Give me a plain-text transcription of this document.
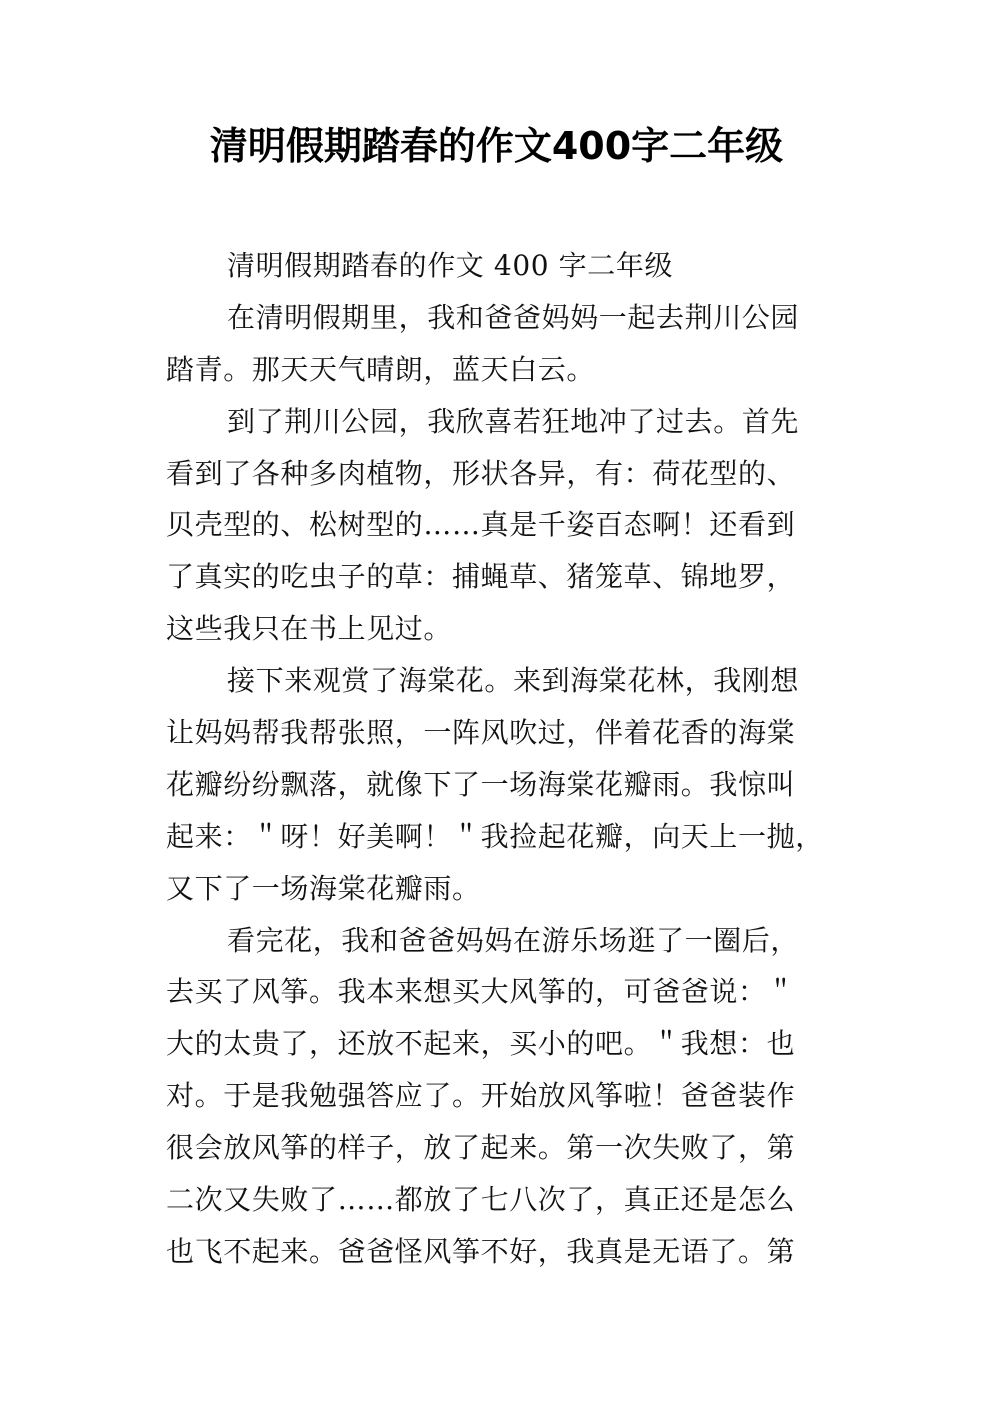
清明假期踏春的作文400字二年级
清明假期踏春的作文 400 字二年级
在清明假期里，我和爸爸妈妈一起去荆川公园
踏青。那天天气晴朗，蓝天白云。
到了荆川公园，我欣喜若狂地冲了过去。首先
看到了各种多肉植物，形状各异，有：荷花型的、
贝壳型的、松树型的……真是千姿百态啊！还看到
了真实的吃虫子的草：捕蝇草、猪笼草、锦地罗，
这些我只在书上见过。
接下来观赏了海棠花。来到海棠花林，我刚想
让妈妈帮我帮张照，一阵风吹过，伴着花香的海棠
花瓣纷纷飘落，就像下了一场海棠花瓣雨。我惊叫
起来：＂呀！好美啊！＂我捡起花瓣，向天上一抛，
又下了一场海棠花瓣雨。
看完花，我和爸爸妈妈在游乐场逛了一圈后，
去买了风筝。我本来想买大风筝的，可爸爸说：＂
大的太贵了，还放不起来，买小的吧。＂我想：也
对。于是我勉强答应了。开始放风筝啦！爸爸装作
很会放风筝的样子，放了起来。第一次失败了，第
二次又失败了……都放了七八次了，真正还是怎么
也飞不起来。爸爸怪风筝不好，我真是无语了。第
